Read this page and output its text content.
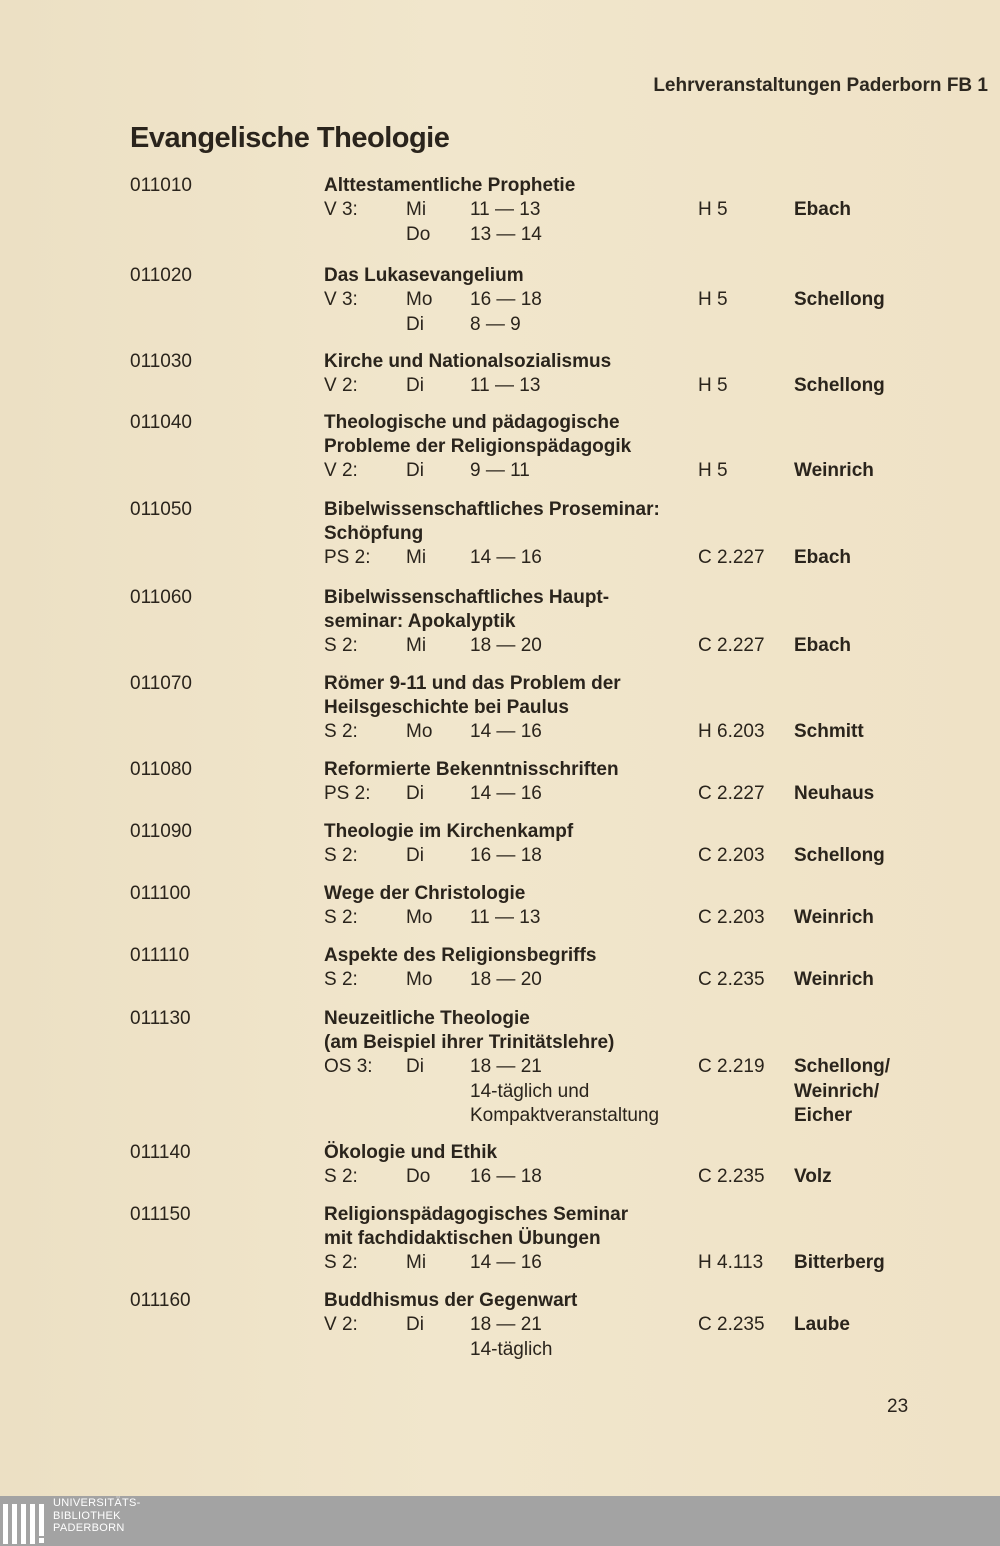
Lehrveranstaltungen Paderborn FB 1
Evangelische Theologie
011010	Alttestamentliche Prophetie
V 3:	Mi 11 — 13	H 5	Ebach
Do 13 — 14
011020	Das Lukasevangelium
V 3:	Mo 16 — 18	H 5	Schellong
Di 8 — 9
011030	Kirche und Nationalsozialismus
V 2:	Di 11 — 13	H 5	Schellong
011040	Theologische und pädagogische
Probleme der Religionspädagogik
V 2:	Di 9 — 11	H 5	Weinrich
011050	Bibelwissenschaftliches Proseminar:
Schöpfung
PS 2: Mi 14 — 16	C 2.227 Ebach
011060	Bibelwissenschaftliches Haupt-
seminar: Apokalyptik
S 2:	Mi 18 — 20	C 2.227 Ebach
011070	Römer 9-11 und das Problem der
Heilsgeschichte bei Paulus
S 2:	Mo 14 — 16	H 6.203 Schmitt
011080	Reformierte Bekenntnisschriften
PS 2: Di 14 — 16	C 2.227 Neuhaus
011090	Theologie im Kirchenkampf
S 2:	Di 16 — 18	C 2.203 Schellong
011100	Wege der Christologie
S 2:	Mo 11 — 13	C 2.203 Weinrich
011110	Aspekte des Religionsbegriffs
S 2:	Mo 18 — 20	C 2.235 Weinrich
011130	Neuzeitliche Theologie
(am Beispiel ihrer Trinitätslehre)
OS 3: Di 18 — 21	C 2.219 Schellong/
14-täglich und	Weinrich/
Kompaktveranstaltung	Eicher
011140	Ökologie und Ethik
S 2:	Do 16 — 18	C 2.235 Volz
011150	Religionspädagogisches Seminar
mit fachdidaktischen Übungen
S 2:	Mi 14 — 16	H 4.113 Bitterberg
011160	Buddhismus der Gegenwart
V 2:	Di 18 — 21	C 2.235 Laube
14-täglich
23
UNIVERSITÄTS-
BIBLIOTHEK
PADERBORN
